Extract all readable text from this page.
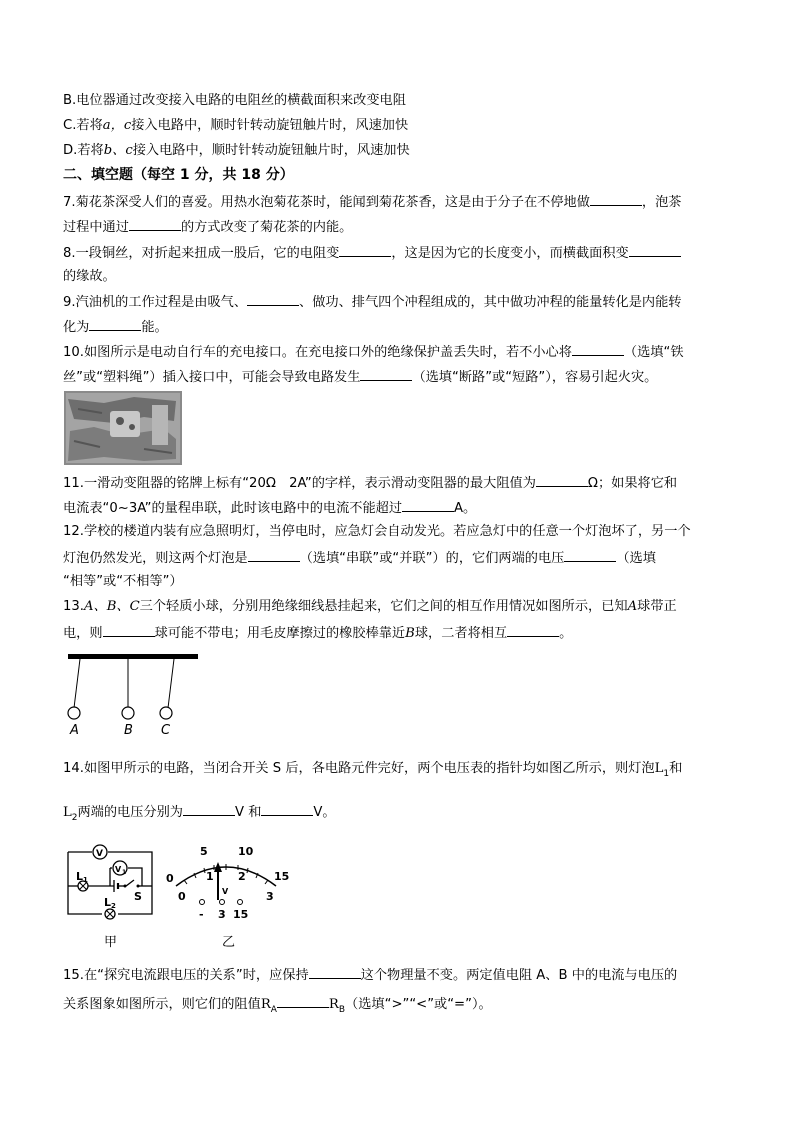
B.电位器通过改变接入电路的电阻丝的横截面积来改变电阻
C.若将a，c接入电路中，顺时针转动旋钮触片时，风速加快
D.若将b、c接入电路中，顺时针转动旋钮触片时，风速加快
二、填空题（每空 1 分，共 18 分）
7.菊花茶深受人们的喜爱。用热水泡菊花茶时，能闻到菊花茶香，这是由于分子在不停地做	，泡茶
过程中通过	的方式改变了菊花茶的内能。
8.一段铜丝，对折起来扭成一股后，它的电阻变	，这是因为它的长度变小，而横截面积变
的缘故。
9.汽油机的工作过程是由吸气、	、做功、排气四个冲程组成的，其中做功冲程的能量转化是内能转
化为	能。
10.如图所示是电动自行车的充电接口。在充电接口外的绝缘保护盖丢失时，若不小心将	（选填“铁
丝”或“塑料绳”）插入接口中，可能会导致电路发生	（选填“断路”或“短路”），容易引起火灾。
11.一滑动变阻器的铭牌上标有“20Ω　2A”的字样，表示滑动变阻器的最大阻值为	Ω；如果将它和
电流表“0~3A”的量程串联，此时该电路中的电流不能超过	A。
12.学校的楼道内装有应急照明灯，当停电时，应急灯会自动发光。若应急灯中的任意一个灯泡坏了，另一个
灯泡仍然发光，则这两个灯泡是	（选填“串联”或“并联”）的，它们两端的电压	（选填
“相等”或“不相等”）
13.A、B、C三个轻质小球，分别用绝缘细线悬挂起来，它们之间的相互作用情况如图所示，已知A球带正
电，则	球可能不带电；用毛皮摩擦过的橡胶棒靠近B球，二者将相互	。
A	B C
14.如图甲所示的电路，当闭合开关 S 后，各电路元件完好，两个电压表的指针均如图乙所示，则灯泡$L_1$和
$L_2$两端的电压分别为	V 和	V。
V
V 1
L 1
S
L 2
甲
0
5	10
15
0
1 2
3
V
- 3 15
乙
15.在“探究电流跟电压的关系”时，应保持	这个物理量不变。两定值电阻 A、B 中的电流与电压的
关系图象如图所示，则它们的阻值$R_A$	$R_B$（选填“>”“<”或“=”）。
